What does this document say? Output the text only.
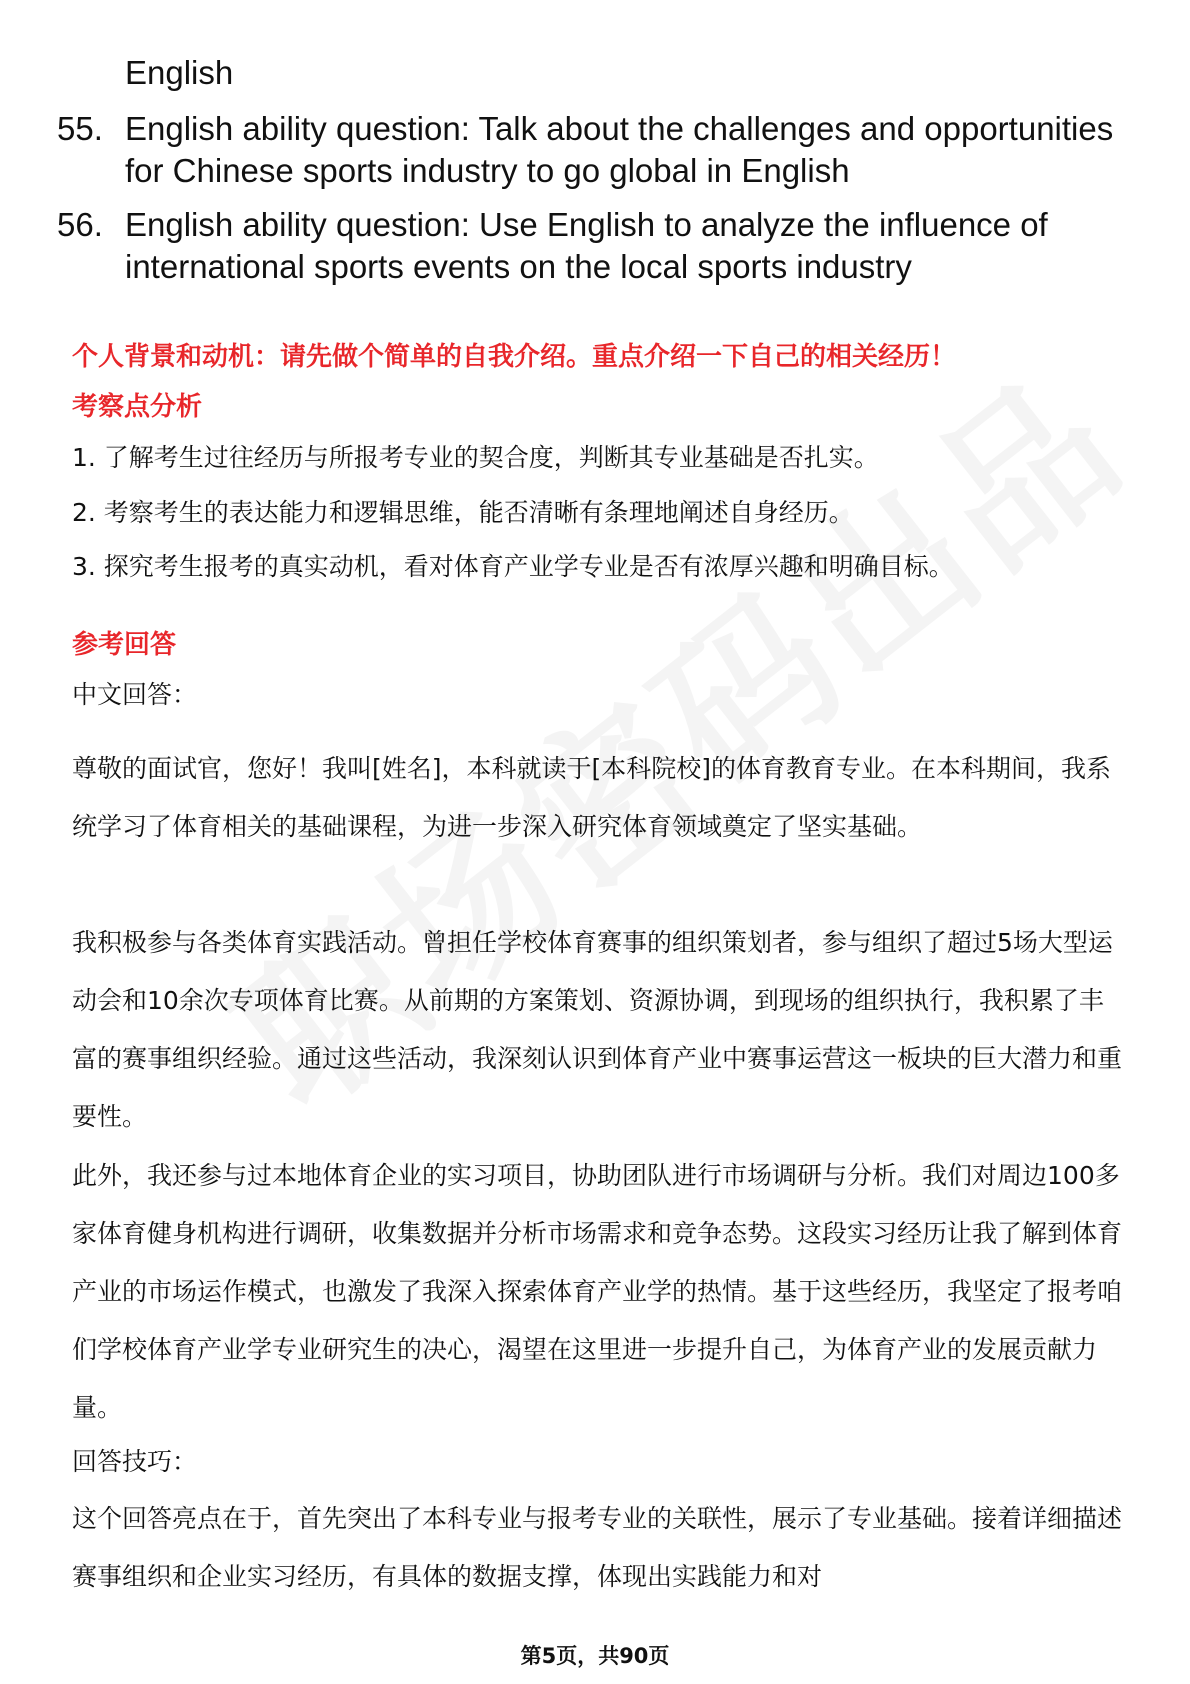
English
55. English ability question: Talk about the challenges and opportunities for Chinese sports industry to go global in English
56. English ability question: Use English to analyze the influence of international sports events on the local sports industry
个人背景和动机：请先做个简单的自我介绍。重点介绍一下自己的相关经历！
考察点分析
1. 了解考生过往经历与所报考专业的契合度，判断其专业基础是否扎实。
2. 考察考生的表达能力和逻辑思维，能否清晰有条理地阐述自身经历。
3. 探究考生报考的真实动机，看对体育产业学专业是否有浓厚兴趣和明确目标。
参考回答
中文回答：
尊敬的面试官，您好！我叫[姓名]，本科就读于[本科院校]的体育教育专业。在本科期间，我系统学习了体育相关的基础课程，为进一步深入研究体育领域奠定了坚实基础。
我积极参与各类体育实践活动。曾担任学校体育赛事的组织策划者，参与组织了超过5场大型运动会和10余次专项体育比赛。从前期的方案策划、资源协调，到现场的组织执行，我积累了丰富的赛事组织经验。通过这些活动，我深刻认识到体育产业中赛事运营这一板块的巨大潜力和重要性。
此外，我还参与过本地体育企业的实习项目，协助团队进行市场调研与分析。我们对周边100多家体育健身机构进行调研，收集数据并分析市场需求和竞争态势。这段实习经历让我了解到体育产业的市场运作模式，也激发了我深入探索体育产业学的热情。基于这些经历，我坚定了报考咱们学校体育产业学专业研究生的决心，渴望在这里进一步提升自己，为体育产业的发展贡献力量。
回答技巧：
这个回答亮点在于，首先突出了本科专业与报考专业的关联性，展示了专业基础。接着详细描述赛事组织和企业实习经历，有具体的数据支撑，体现出实践能力和对
第5页，共90页
